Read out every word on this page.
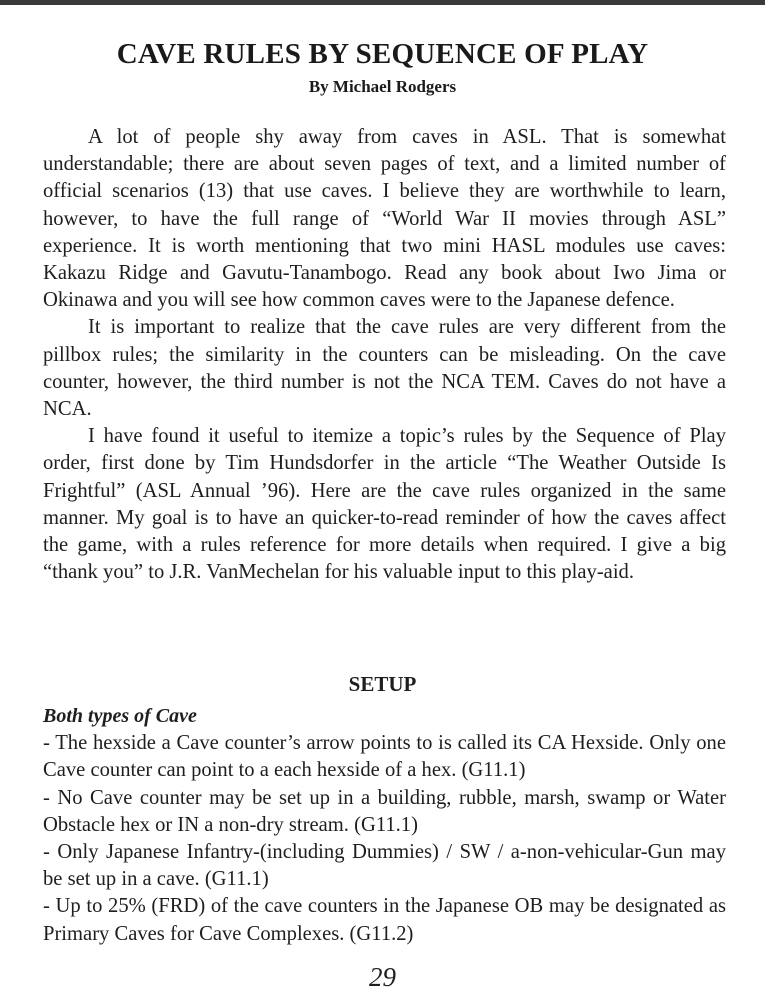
CAVE RULES BY SEQUENCE OF PLAY
By Michael Rodgers

A lot of people shy away from caves in ASL. That is somewhat understandable; there are about seven pages of text, and a limited number of official scenarios (13) that use caves. I believe they are worthwhile to learn, however, to have the full range of “World War II movies through ASL” experience. It is worth mentioning that two mini HASL modules use caves: Kakazu Ridge and Gavutu-Tanambogo. Read any book about Iwo Jima or Okinawa and you will see how common caves were to the Japanese defence.

It is important to realize that the cave rules are very different from the pillbox rules; the similarity in the counters can be misleading. On the cave counter, however, the third number is not the NCA TEM. Caves do not have a NCA.

I have found it useful to itemize a topic’s rules by the Sequence of Play order, first done by Tim Hundsdorfer in the article “The Weather Outside Is Frightful” (ASL Annual ’96). Here are the cave rules organized in the same manner. My goal is to have an quicker-to-read reminder of how the caves affect the game, with a rules reference for more details when required. I give a big “thank you” to J.R. VanMechelan for his valuable input to this play-aid.

SETUP
Both types of Cave

- The hexside a Cave counter’s arrow points to is called its CA Hexside. Only one Cave counter can point to a each hexside of a hex. (G11.1)

- No Cave counter may be set up in a building, rubble, marsh, swamp or Water Obstacle hex or IN a non-dry stream. (G11.1)

- Only Japanese Infantry-(including Dummies) / SW / a-non-vehicular-Gun may be set up in a cave. (G11.1)

- Up to 25% (FRD) of the cave counters in the Japanese OB may be designated as Primary Caves for Cave Complexes. (G11.2)

29
